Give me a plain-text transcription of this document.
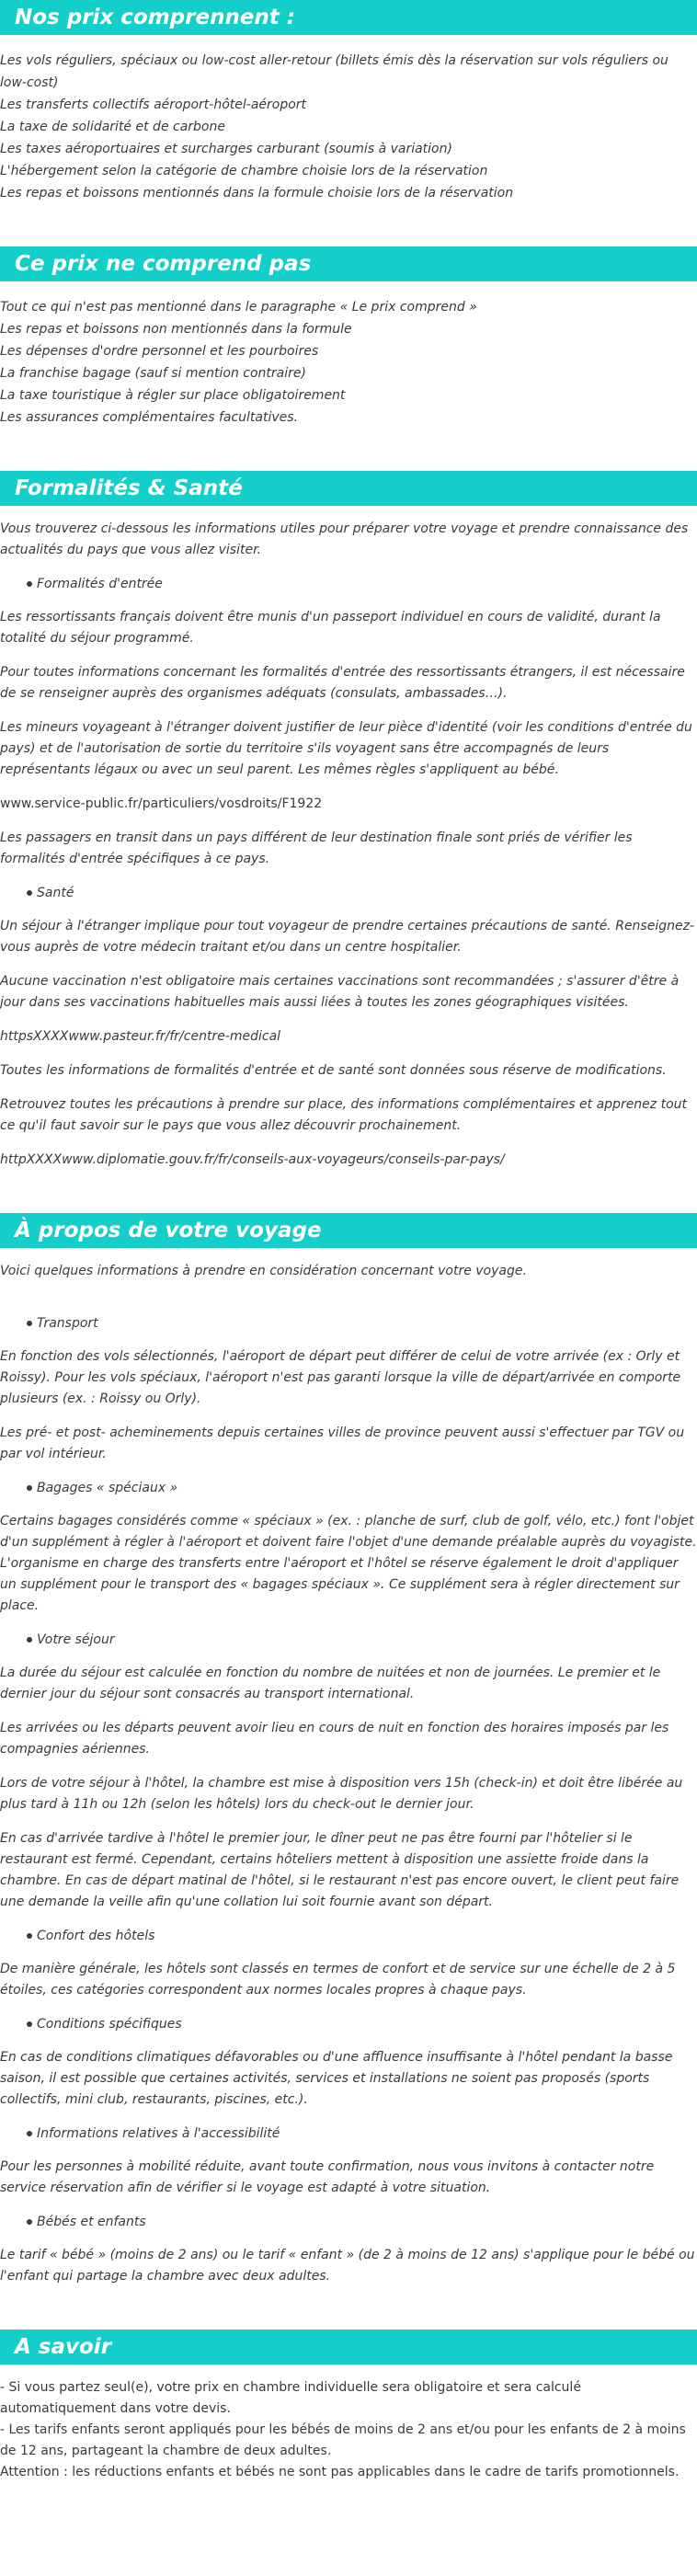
Nos prix comprennent :

Les vols réguliers, spéciaux ou low-cost aller-retour (billets émis dès la réservation sur vols réguliers ou low-cost)

Les transferts collectifs aéroport-hôtel-aéroport

La taxe de solidarité et de carbone

Les taxes aéroportuaires et surcharges carburant (soumis à variation)

L'hébergement selon la catégorie de chambre choisie lors de la réservation

Les repas et boissons mentionnés dans la formule choisie lors de la réservation

Ce prix ne comprend pas

Tout ce qui n'est pas mentionné dans le paragraphe « Le prix comprend »

Les repas et boissons non mentionnés dans la formule

Les dépenses d'ordre personnel et les pourboires

La franchise bagage (sauf si mention contraire)

La taxe touristique à régler sur place obligatoirement

Les assurances complémentaires facultatives.

Formalités & Santé

Vous trouverez ci-dessous les informations utiles pour préparer votre voyage et prendre connaissance des actualités du pays que vous allez visiter.

Formalités d'entrée

Les ressortissants français doivent être munis d'un passeport individuel en cours de validité, durant la totalité du séjour programmé.

Pour toutes informations concernant les formalités d'entrée des ressortissants étrangers, il est nécessaire de se renseigner auprès des organismes adéquats (consulats, ambassades…).

Les mineurs voyageant à l'étranger doivent justifier de leur pièce d'identité (voir les conditions d'entrée du pays) et de l'autorisation de sortie du territoire s'ils voyagent sans être accompagnés de leurs représentants légaux ou avec un seul parent. Les mêmes règles s'appliquent au bébé.

www.service-public.fr/particuliers/vosdroits/F1922

Les passagers en transit dans un pays différent de leur destination finale sont priés de vérifier les formalités d'entrée spécifiques à ce pays.

Santé

Un séjour à l'étranger implique pour tout voyageur de prendre certaines précautions de santé. Renseignez-vous auprès de votre médecin traitant et/ou dans un centre hospitalier.

Aucune vaccination n'est obligatoire mais certaines vaccinations sont recommandées ; s'assurer d'être à jour dans ses vaccinations habituelles mais aussi liées à toutes les zones géographiques visitées.

httpsXXXXwww.pasteur.fr/fr/centre-medical

Toutes les informations de formalités d'entrée et de santé sont données sous réserve de modifications.

Retrouvez toutes les précautions à prendre sur place, des informations complémentaires et apprenez tout ce qu'il faut savoir sur le pays que vous allez découvrir prochainement.

httpXXXXwww.diplomatie.gouv.fr/fr/conseils-aux-voyageurs/conseils-par-pays/

À propos de votre voyage

Voici quelques informations à prendre en considération concernant votre voyage.

Transport

En fonction des vols sélectionnés, l'aéroport de départ peut différer de celui de votre arrivée (ex : Orly et Roissy). Pour les vols spéciaux, l'aéroport n'est pas garanti lorsque la ville de départ/arrivée en comporte plusieurs (ex. : Roissy ou Orly).

Les pré- et post- acheminements depuis certaines villes de province peuvent aussi s'effectuer par TGV ou par vol intérieur.

Bagages « spéciaux »

Certains bagages considérés comme « spéciaux » (ex. : planche de surf, club de golf, vélo, etc.) font l'objet d'un supplément à régler à l'aéroport et doivent faire l'objet d'une demande préalable auprès du voyagiste. L'organisme en charge des transferts entre l'aéroport et l'hôtel se réserve également le droit d'appliquer un supplément pour le transport des « bagages spéciaux ». Ce supplément sera à régler directement sur place.

Votre séjour

La durée du séjour est calculée en fonction du nombre de nuitées et non de journées. Le premier et le dernier jour du séjour sont consacrés au transport international.

Les arrivées ou les départs peuvent avoir lieu en cours de nuit en fonction des horaires imposés par les compagnies aériennes.

Lors de votre séjour à l'hôtel, la chambre est mise à disposition vers 15h (check-in) et doit être libérée au plus tard à 11h ou 12h (selon les hôtels) lors du check-out le dernier jour.

En cas d'arrivée tardive à l'hôtel le premier jour, le dîner peut ne pas être fourni par l'hôtelier si le restaurant est fermé. Cependant, certains hôteliers mettent à disposition une assiette froide dans la chambre. En cas de départ matinal de l'hôtel, si le restaurant n'est pas encore ouvert, le client peut faire une demande la veille afin qu'une collation lui soit fournie avant son départ.

Confort des hôtels

De manière générale, les hôtels sont classés en termes de confort et de service sur une échelle de 2 à 5 étoiles, ces catégories correspondent aux normes locales propres à chaque pays.

Conditions spécifiques

En cas de conditions climatiques défavorables ou d'une affluence insuffisante à l'hôtel pendant la basse saison, il est possible que certaines activités, services et installations ne soient pas proposés (sports collectifs, mini club, restaurants, piscines, etc.).

Informations relatives à l'accessibilité

Pour les personnes à mobilité réduite, avant toute confirmation, nous vous invitons à contacter notre service réservation afin de vérifier si le voyage est adapté à votre situation.

Bébés et enfants

Le tarif « bébé » (moins de 2 ans) ou le tarif « enfant » (de 2 à moins de 12 ans) s'applique pour le bébé ou l'enfant qui partage la chambre avec deux adultes.

A savoir

- Si vous partez seul(e), votre prix en chambre individuelle sera obligatoire et sera calculé automatiquement dans votre devis.

- Les tarifs enfants seront appliqués pour les bébés de moins de 2 ans et/ou pour les enfants de 2 à moins de 12 ans, partageant la chambre de deux adultes.

Attention : les réductions enfants et bébés ne sont pas applicables dans le cadre de tarifs promotionnels.
